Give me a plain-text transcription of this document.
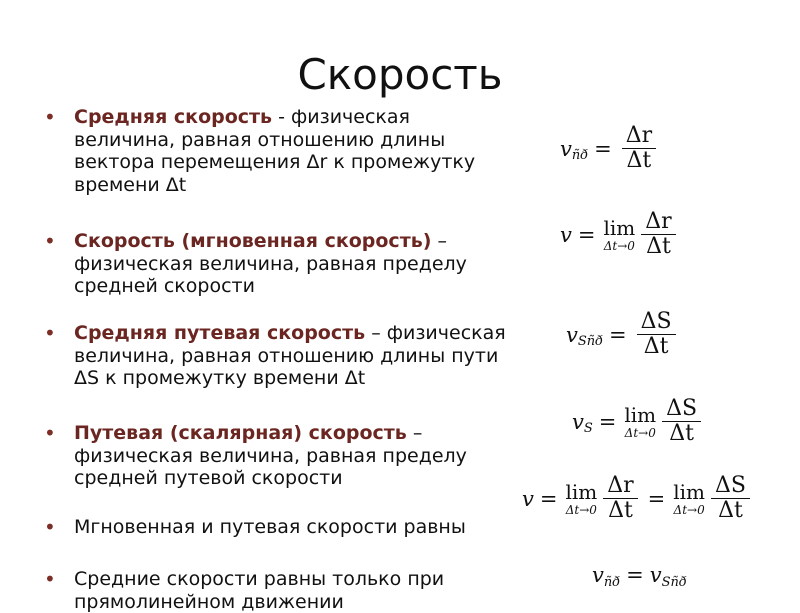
Скорость
• Средняя скорость - физическая величина, равная отношению длины вектора перемещения Δr к промежутку времени Δt
• Скорость (мгновенная скорость) – физическая величина, равная пределу средней скорости
• Средняя путевая скорость – физическая величина, равная отношению длины пути ΔS к промежутку времени Δt
• Путевая (скалярная) скорость – физическая величина, равная пределу средней путевой скорости
• Мгновенная и путевая скорости равны
• Средние скорости равны только при прямолинейном движении
v ñð = $\frac{\Delta r}{\Delta t}$
v = lim
$\Delta t\to 0 \frac{\Delta r}{\Delta t}$
v Sñð = $\frac{\Delta S}{\Delta t}$
v S = lim
$\Delta t\to 0 \frac{\Delta S}{\Delta t}$
v = lim
$\Delta t\to 0 \frac{\Delta r}{\Delta t} = \lim$
$\Delta t\to 0 \frac{\Delta S}{\Delta t}$
v ñð = v Sñð
